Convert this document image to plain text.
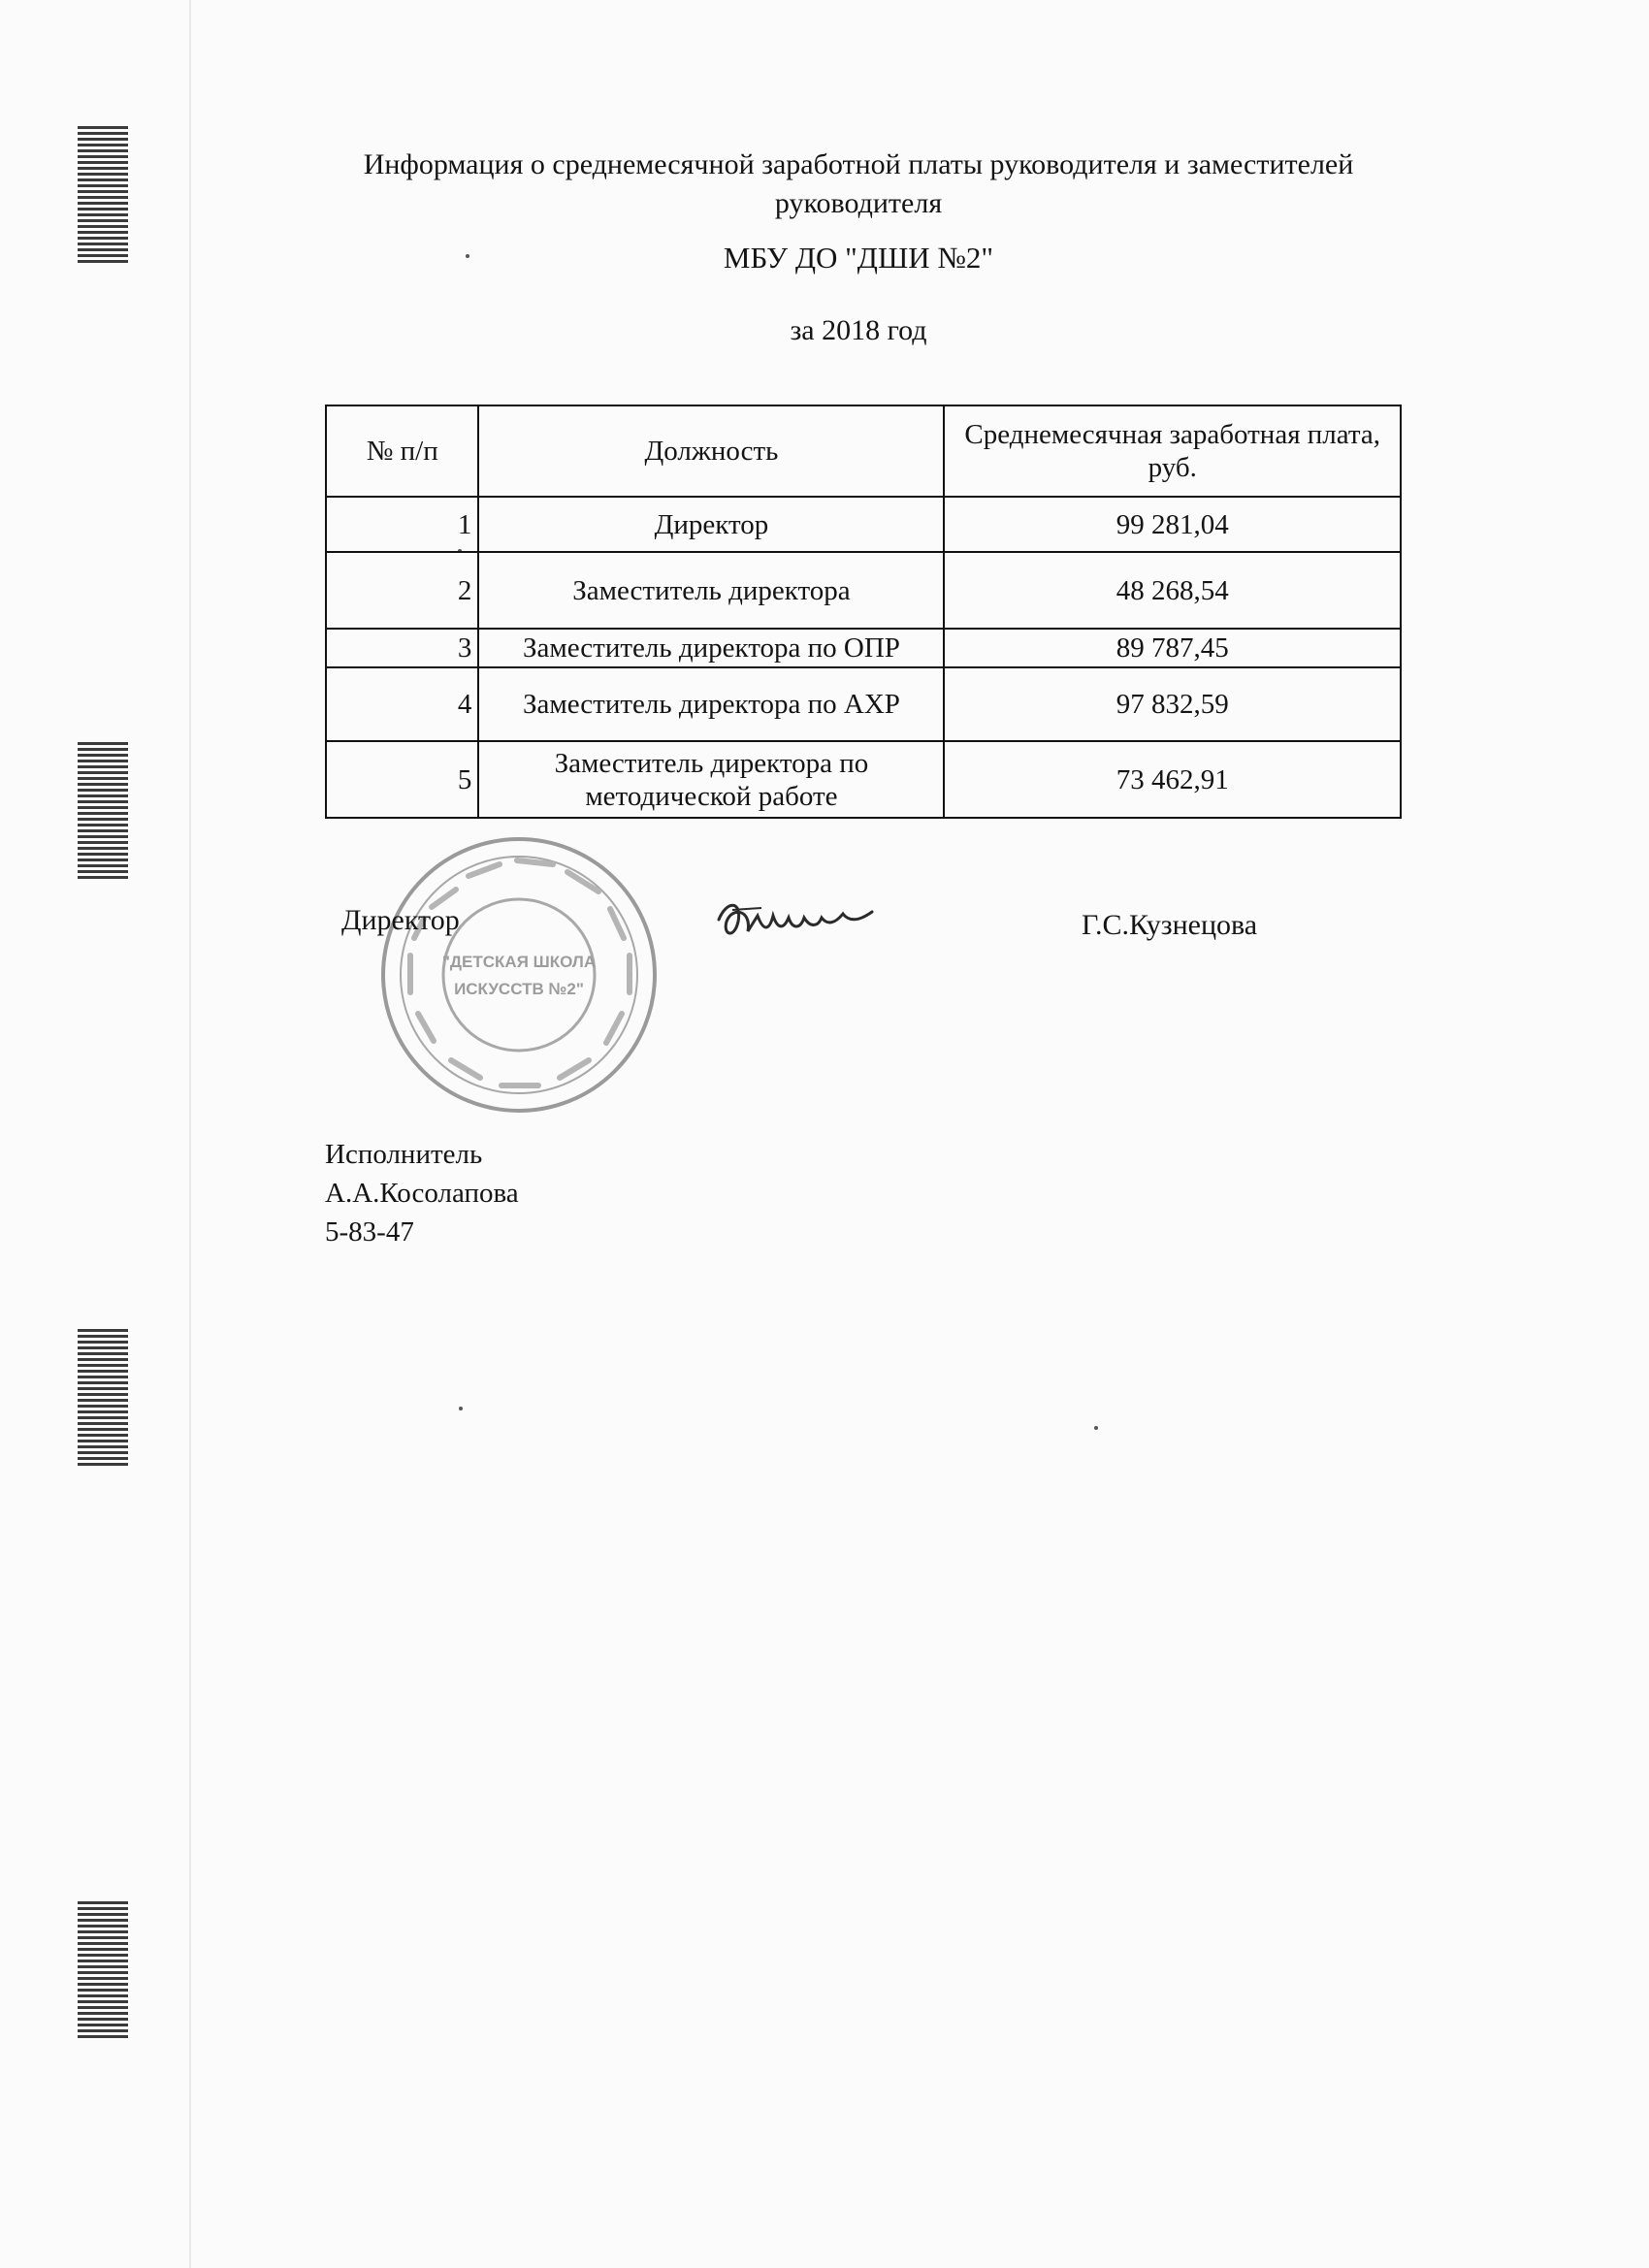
Информация о среднемесячной заработной платы руководителя и заместителей руководителя
МБУ ДО "ДШИ №2"
за 2018 год
№ п/п	Должность	Среднемесячная заработная плата, руб.
1	Директор	99 281,04
2	Заместитель директора	48 268,54
3	Заместитель директора по ОПР	89 787,45
4	Заместитель директора по АХР	97 832,59
5	Заместитель директора по методической работе	73 462,91
"ДЕТСКАЯ ШКОЛА
ИСКУССТВ №2"
Директор	Г.С.Кузнецова
Исполнитель
А.А.Косолапова
5-83-47
